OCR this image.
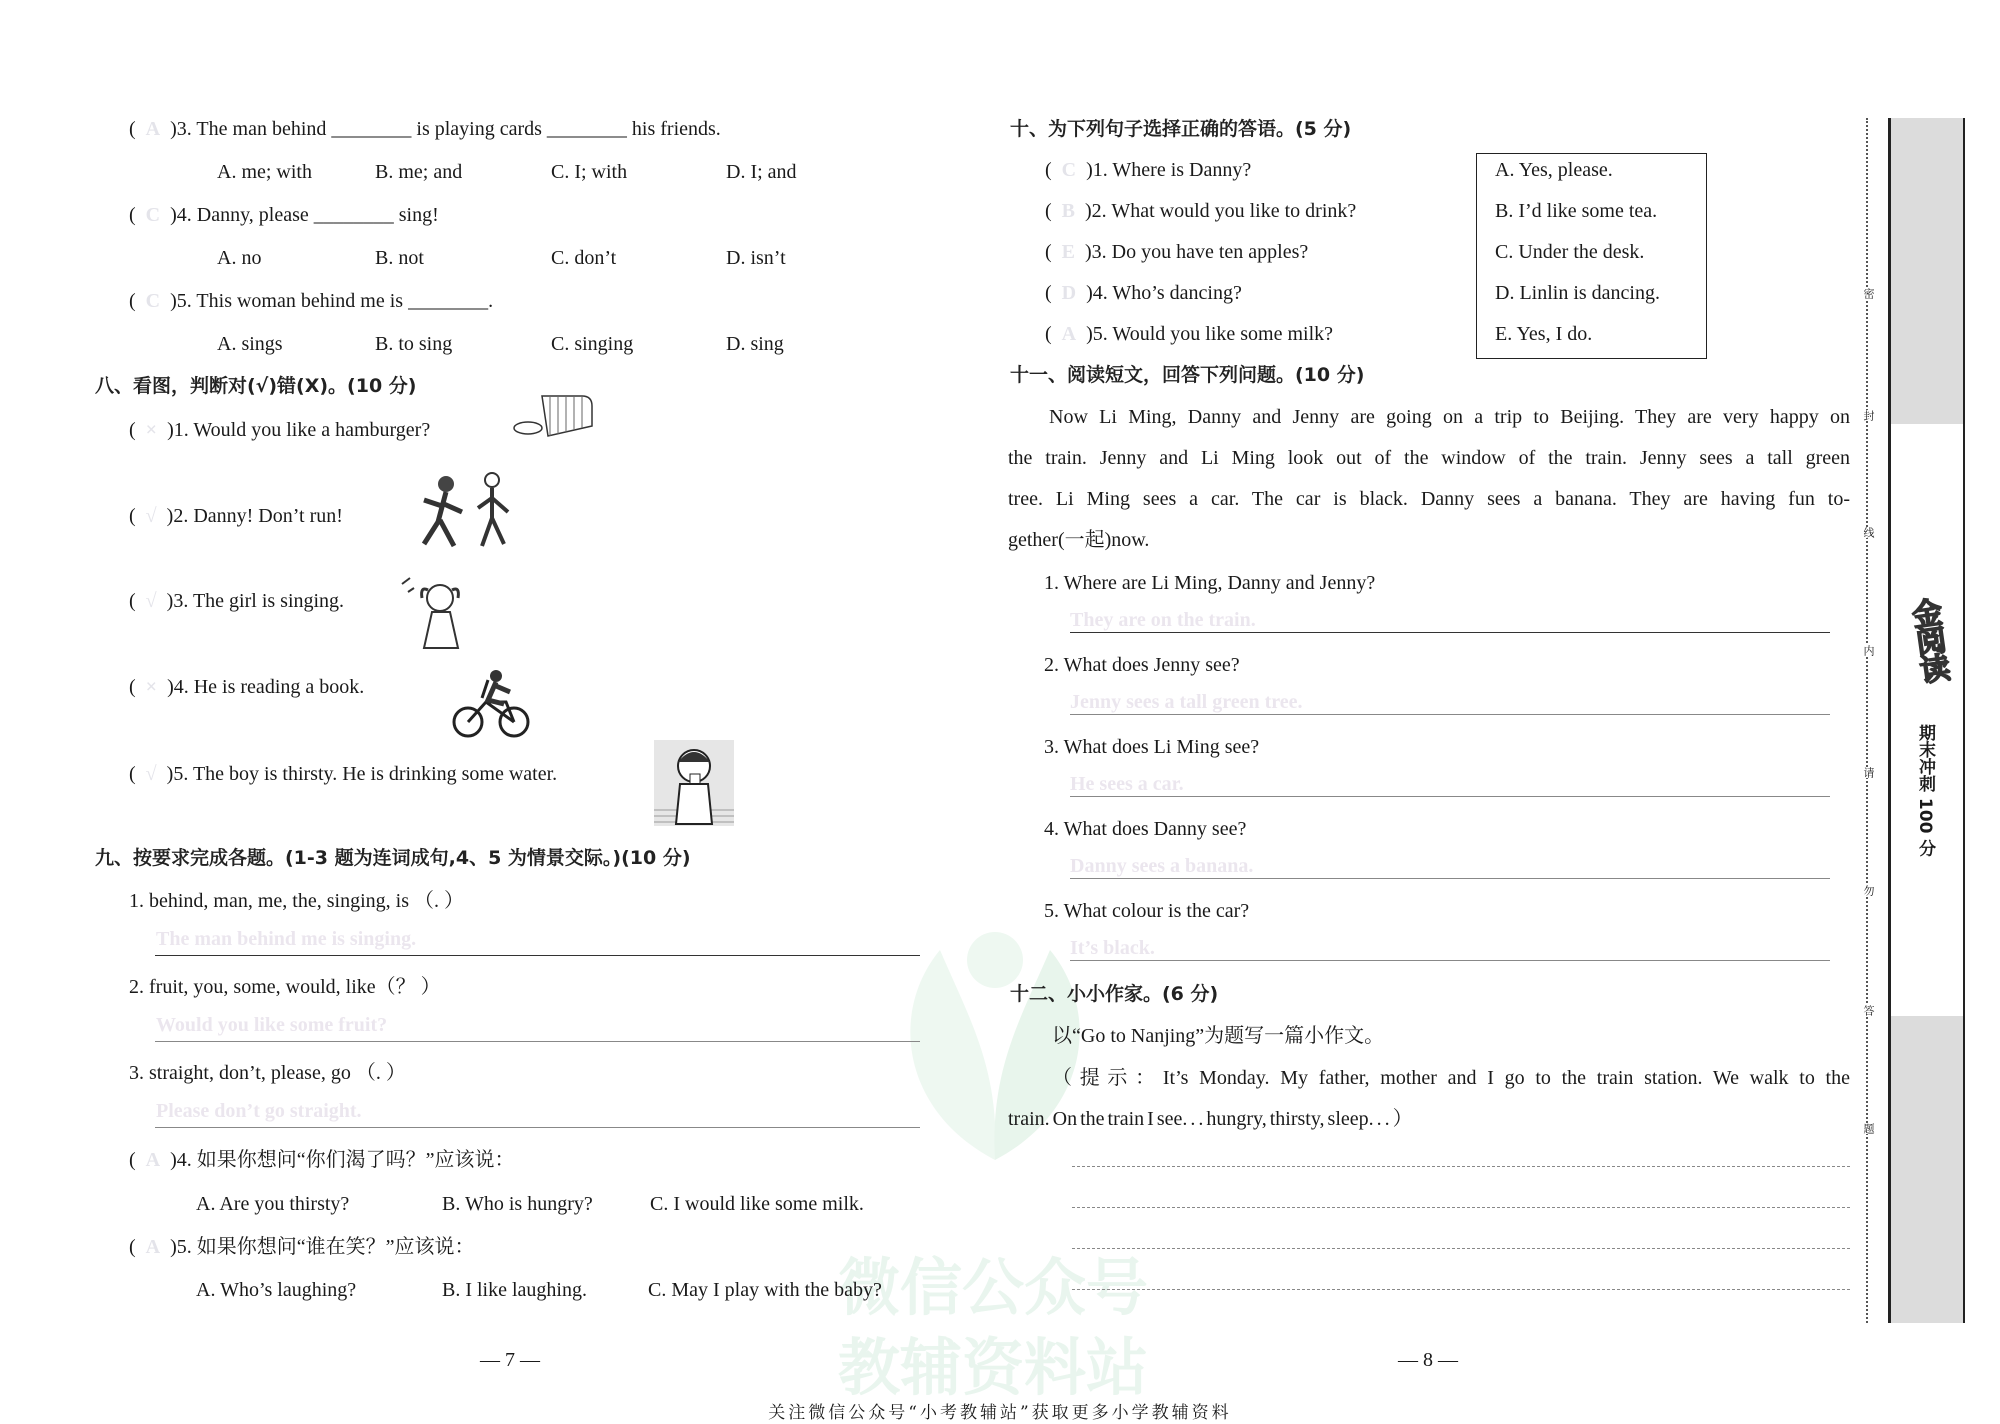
微信公众号
教辅资料站
(  A )3. The man behind ________ is playing cards ________ his friends.
A. me; with	B. me; and	C. I; with	D. I; and
(  C )4. Danny, please ________ sing!
A. no	B. not	C. don’t	D. isn’t
(  C )5. This woman behind me is ________.
A. sings	B. to sing	C. singing	D. sing
八、看图，判断对(√)错(X)。(10 分)
(  × )1. Would you like a hamburger?
(  √ )2. Danny! Don’t run!
(  √ )3. The girl is singing.
(  × )4. He is reading a book.
(  √ )5. The boy is thirsty. He is drinking some water.
九、按要求完成各题。(1-3 题为连词成句,4、5 为情景交际。)(10 分)
1. behind, man, me, the, singing, is （. ）
The man behind me is singing.
2. fruit, you, some, would, like（？ ）
Would you like some fruit?
3. straight, don’t, please, go （. ）
Please don’t go straight.
(  A )4. 如果你想问“你们渴了吗？”应该说：
A. Are you thirsty?	B. Who is hungry?	C. I would like some milk.
(  A )5. 如果你想问“谁在笑？”应该说：
A. Who’s laughing?	B. I like laughing.	C. May I play with the baby?
— 7 —
十、为下列句子选择正确的答语。(5 分)
(  C )1. Where is Danny?
(  B )2. What would you like to drink?
(  E )3. Do you have ten apples?
(  D )4. Who’s dancing?
(  A )5. Would you like some milk?
A. Yes, please.
B. I’d like some tea.
C. Under the desk.
D. Linlin is dancing.
E. Yes, I do.
十一、阅读短文，回答下列问题。(10 分)
Now Li Ming, Danny and Jenny are going on a trip to Beijing. They are very happy on
the train. Jenny and Li Ming look out of the window of the train. Jenny sees a tall green
tree. Li Ming sees a car. The car is black. Danny sees a banana. They are having fun to-
gether(一起)now.
1. Where are Li Ming, Danny and Jenny?
They are on the train.
2. What does Jenny see?
Jenny sees a tall green tree.
3. What does Li Ming see?
He sees a car.
4. What does Danny see?
Danny sees a banana.
5. What colour is the car?
It’s black.
十二、小小作家。(6 分)
以“Go to Nanjing”为题写一篇小作文。
（提示：It’s Monday. My father, mother and I go to the train station. We walk to the
train. On the train I see. . . hungry, thirsty, sleep. . . ）
— 8 —
密
封
线
内
请
勿
答
题
金阅读
期末冲刺 100 分
关注微信公众号“小考教辅站”获取更多小学教辅资料
